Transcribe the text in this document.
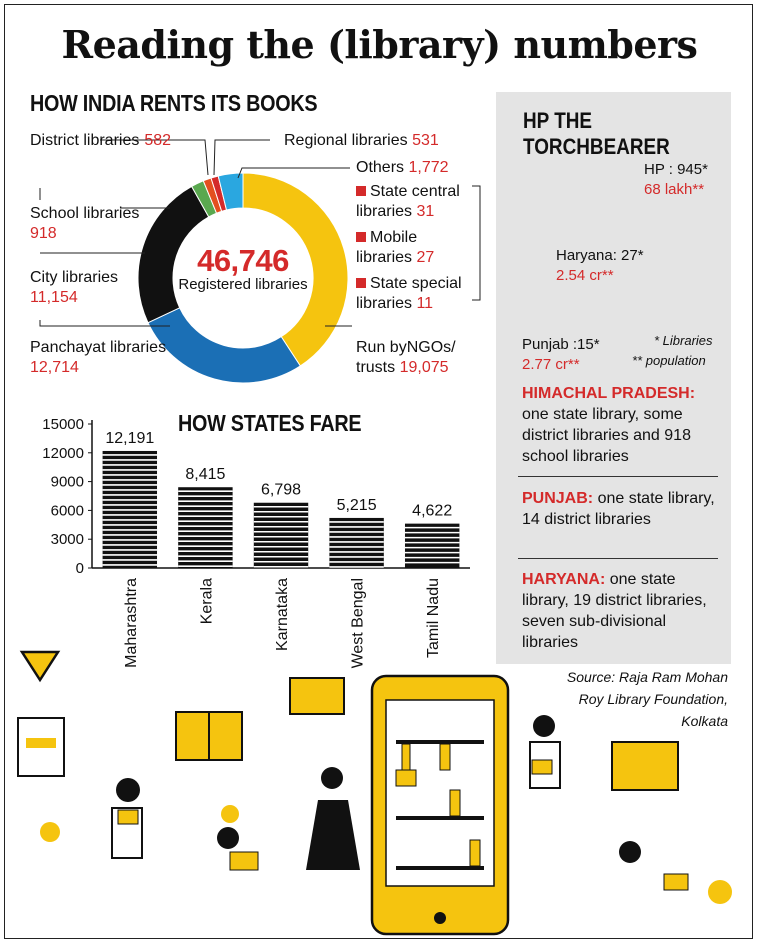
Reading the (library) numbers
HOW INDIA RENTS ITS BOOKS
0
3000
6000
9000
12000
15000
12,191
Maharashtra
8,415
Kerala
6,798
Karnataka
5,215
West Bengal
4,622
Tamil Nadu
District libraries 582	Regional libraries 531
Others 1,772
State central libraries 31
Mobile libraries 27
State special libraries 11
School libraries
918
City libraries
11,154
Panchayat libraries 12,714
Run byNGOs/ trusts 19,075
46,746
Registered libraries
HOW STATES FARE
HP THE TORCHBEARER
HP : 945*
68 lakh**
Haryana: 27*
2.54 cr**
Punjab :15*
2.77 cr**
* Libraries
** population
HIMACHAL PRADESH: one state library, some district libraries and 918 school libraries
PUNJAB: one state library, 14 district libraries
HARYANA: one state library, 19 district libraries, seven sub-divisional libraries
Source: Raja Ram Mohan Roy Library Foundation, Kolkata
